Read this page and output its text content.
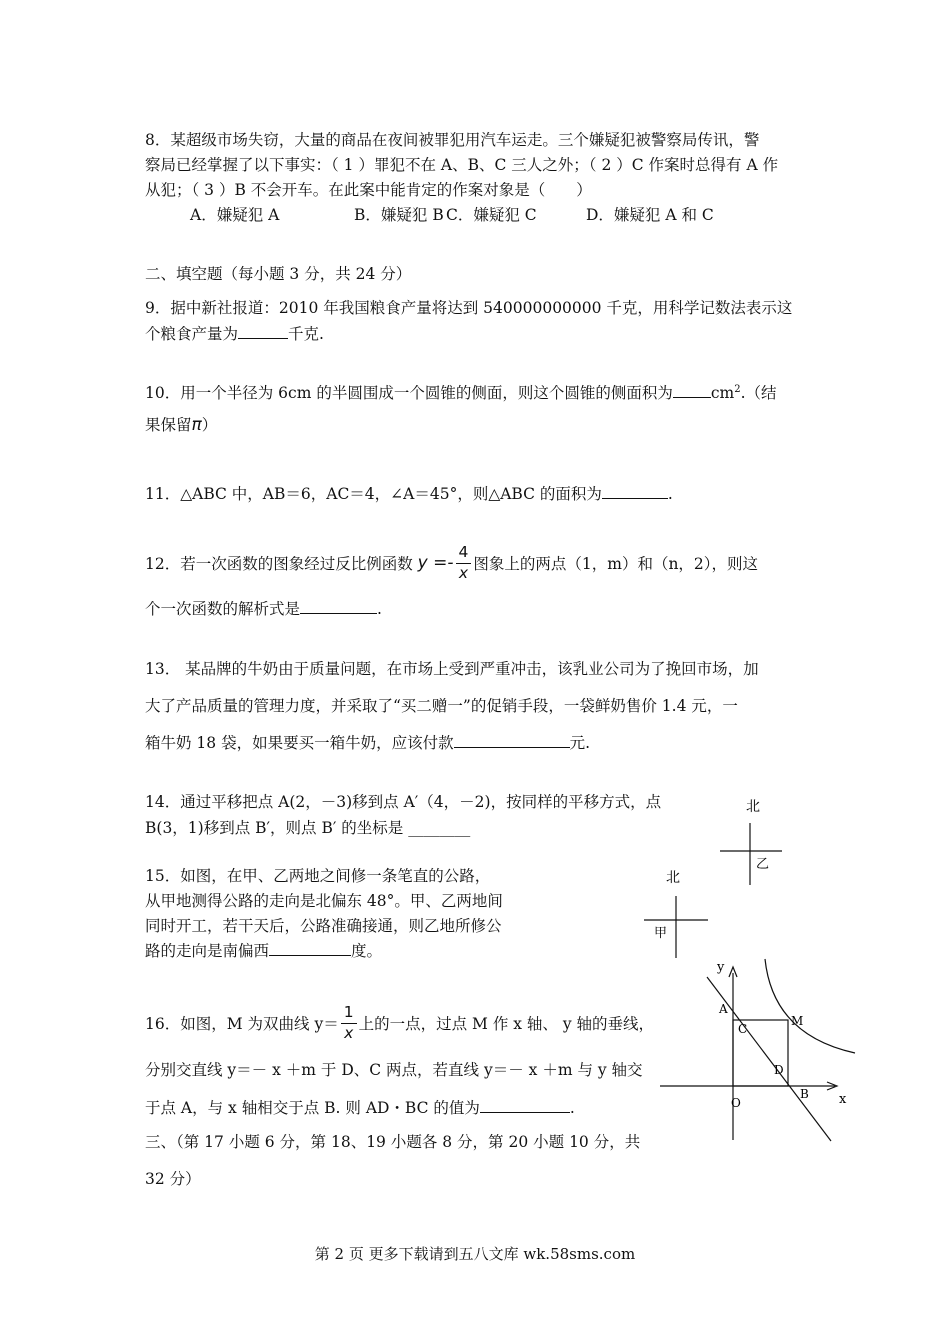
8．某超级市场失窃，大量的商品在夜间被罪犯用汽车运走。三个嫌疑犯被警察局传讯，警
察局已经掌握了以下事实：（ 1 ）罪犯不在 A、B、C 三人之外；（ 2 ）C 作案时总得有 A 作
从犯；（ 3 ）B 不会开车。在此案中能肯定的作案对象是（　　）
A．嫌疑犯 A	B．嫌疑犯 B C．嫌疑犯 C	D．嫌疑犯 A 和 C
二、填空题（每小题 3 分，共 24 分）
9．据中新社报道：2010 年我国粮食产量将达到 540000000000 千克，用科学记数法表示这
个粮食产量为	千克.
10．用一个半径为 6cm 的半圆围成一个圆锥的侧面，则这个圆锥的侧面积为 $cm^2$.（结
果保留π）
11．△ABC 中，AB＝6，AC＝4，∠A＝45°，则△ABC 的面积为	.
12．若一次函数的图象经过反比例函数 $y =- \frac{4}{x}$ 图象上的两点（1，m）和（n，2），则这
个一次函数的解析式是	.
13． 某品牌的牛奶由于质量问题，在市场上受到严重冲击，该乳业公司为了挽回市场，加
大了产品质量的管理力度，并采取了“买二赠一”的促销手段，一袋鲜奶售价 1.4 元，一
箱牛奶 18 袋，如果要买一箱牛奶，应该付款	元.
14．通过平移把点 A(2，－3)移到点 A′（4，－2)，按同样的平移方式，点
B(3，1)移到点 B′，则点 B′ 的坐标是 ________
15．如图，在甲、乙两地之间修一条笔直的公路，
从甲地测得公路的走向是北偏东 48°。甲、乙两地间
同时开工，若干天后，公路准确接通，则乙地所修公
路的走向是南偏西	度。
16．如图，M 为双曲线 $y= \frac{1}{x}$ 上的一点，过点 M 作 x 轴、 y 轴的垂线，
分别交直线 y＝－ x ＋m 于 D、C 两点，若直线 y＝－ x ＋m 与 y 轴交
于点 A，与 x 轴相交于点 B. 则 AD・BC 的值为	.
三、（第 17 小题 6 分，第 18、19 小题各 8 分，第 20 小题 10 分，共
32 分）
北
乙
北
甲
y
x
O
A
B
C
D
M
第 2 页 更多下载请到五八文库 wk.58sms.com
